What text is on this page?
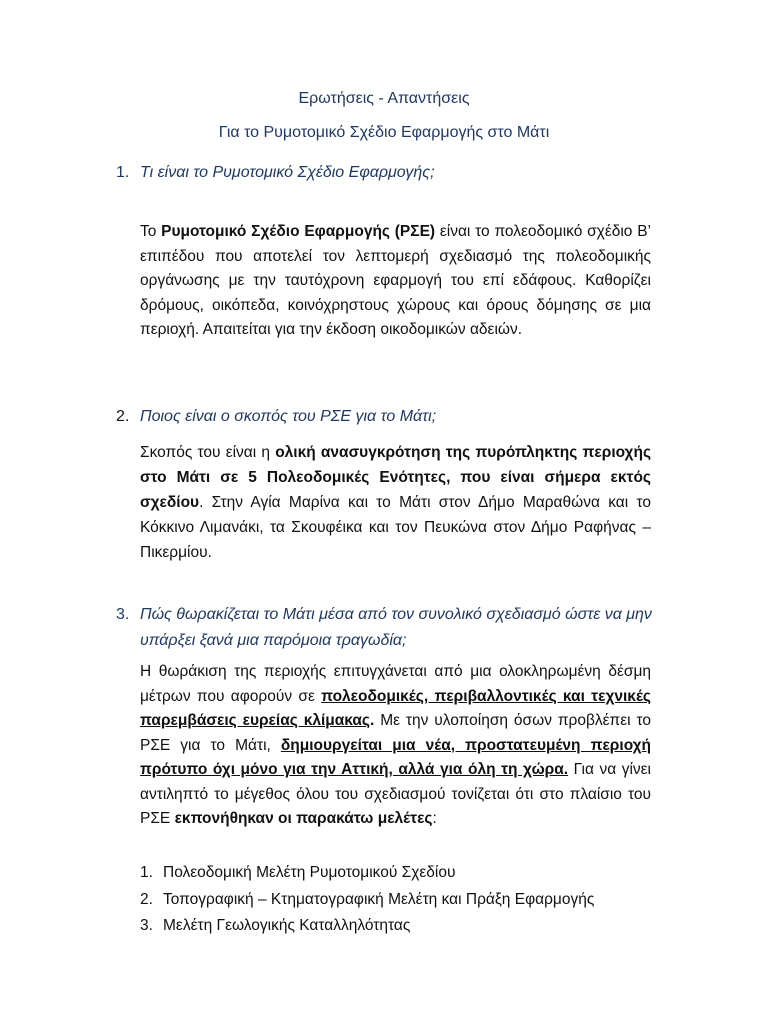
Ερωτήσεις - Απαντήσεις
Για το Ρυμοτομικό Σχέδιο Εφαρμογής στο Μάτι
1. Τι είναι το Ρυμοτομικό Σχέδιο Εφαρμογής;
Το Ρυμοτομικό Σχέδιο Εφαρμογής (ΡΣΕ) είναι το πολεοδομικό σχέδιο Β’ επιπέδου που αποτελεί τον λεπτομερή σχεδιασμό της πολεοδομικής οργάνωσης με την ταυτόχρονη εφαρμογή του επί εδάφους. Καθορίζει δρόμους, οικόπεδα, κοινόχρηστους χώρους και όρους δόμησης σε μια περιοχή. Απαιτείται για την έκδοση οικοδομικών αδειών.
2. Ποιος είναι ο σκοπός του ΡΣΕ για το Μάτι;
Σκοπός του είναι η ολική ανασυγκρότηση της πυρόπληκτης περιοχής στο Μάτι σε 5 Πολεοδομικές Ενότητες, που είναι σήμερα εκτός σχεδίου. Στην Αγία Μαρίνα και το Μάτι στον Δήμο Μαραθώνα και το Κόκκινο Λιμανάκι, τα Σκουφέικα και τον Πευκώνα στον Δήμο Ραφήνας – Πικερμίου.
3. Πώς θωρακίζεται το Μάτι μέσα από τον συνολικό σχεδιασμό ώστε να μην υπάρξει ξανά μια παρόμοια τραγωδία;
Η θωράκιση της περιοχής επιτυγχάνεται από μια ολοκληρωμένη δέσμη μέτρων που αφορούν σε πολεοδομικές, περιβαλλοντικές και τεχνικές παρεμβάσεις ευρείας κλίμακας. Με την υλοποίηση όσων προβλέπει το ΡΣΕ για το Μάτι, δημιουργείται μια νέα, προστατευμένη περιοχή πρότυπο όχι μόνο για την Αττική, αλλά για όλη τη χώρα. Για να γίνει αντιληπτό το μέγεθος όλου του σχεδιασμού τονίζεται ότι στο πλαίσιο του ΡΣΕ εκπονήθηκαν οι παρακάτω μελέτες:
1. Πολεοδομική Μελέτη Ρυμοτομικού Σχεδίου
2. Τοπογραφική – Κτηματογραφική Μελέτη και Πράξη Εφαρμογής
3. Μελέτη Γεωλογικής Καταλληλότητας
